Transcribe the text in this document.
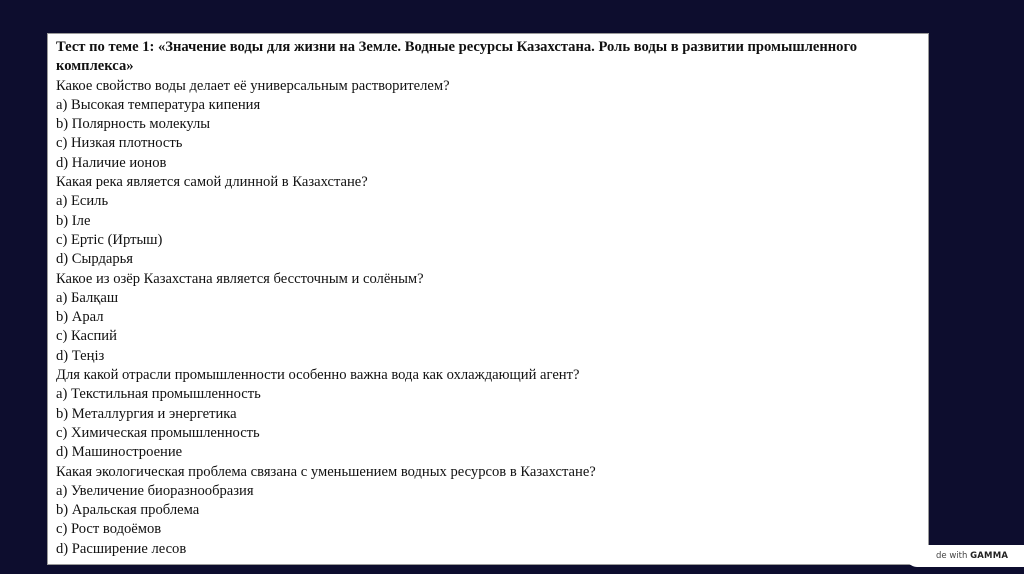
Тест по теме 1: «Значение воды для жизни на Земле. Водные ресурсы Казахстана. Роль воды в развитии промышленного комплекса»

Какое свойство воды делает её универсальным растворителем?
a) Высокая температура кипения
b) Полярность молекулы
c) Низкая плотность
d) Наличие ионов
Какая река является самой длинной в Казахстане?
a) Есиль
b) Іле
c) Ертіс (Иртыш)
d) Сырдарья
Какое из озёр Казахстана является бессточным и солёным?
a) Балқаш
b) Арал
c) Каспий
d) Теңіз
Для какой отрасли промышленности особенно важна вода как охлаждающий агент?
a) Текстильная промышленность
b) Металлургия и энергетика
c) Химическая промышленность
d) Машиностроение
Какая экологическая проблема связана с уменьшением водных ресурсов в Казахстане?
a) Увеличение биоразнообразия
b) Аральская проблема
c) Рост водоёмов
d) Расширение лесов	de with GAMMA
